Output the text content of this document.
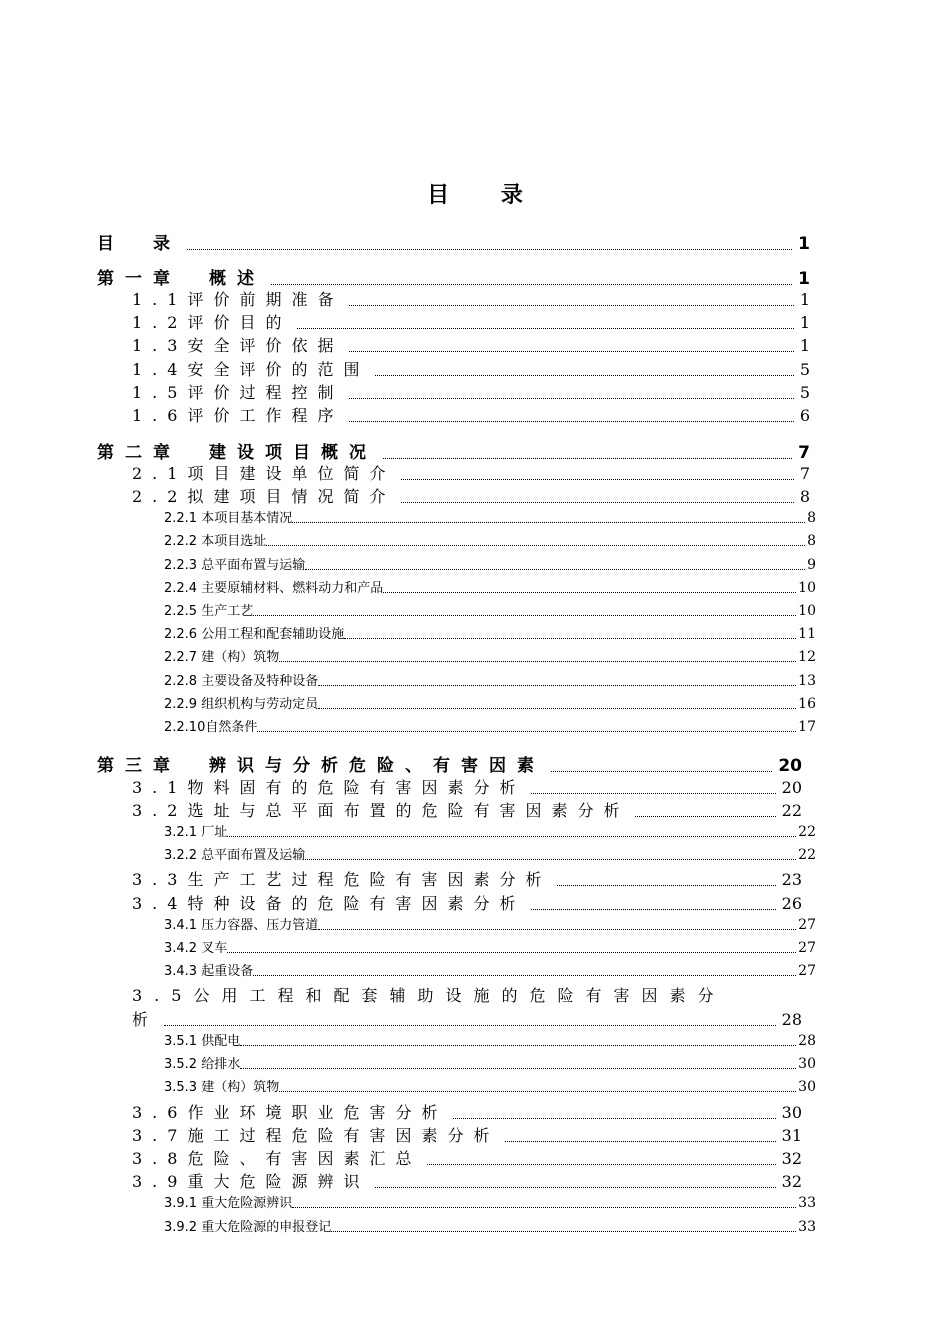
目 录
目　录	1
第一章　概述	1
1.1评价前期准备	1
1.2评价目的	1
1.3安全评价依据	1
1.4安全评价的范围	5
1.5评价过程控制	5
1.6评价工作程序	6
第二章　建设项目概况	7
2.1项目建设单位简介	7
2.2拟建项目情况简介	8
2.2.1 本项目基本情况	8
2.2.2 本项目选址	8
2.2.3 总平面布置与运输	9
2.2.4 主要原辅材料、燃料动力和产品	10
2.2.5 生产工艺	10
2.2.6 公用工程和配套辅助设施	11
2.2.7 建（构）筑物	12
2.2.8 主要设备及特种设备	13
2.2.9 组织机构与劳动定员	16
2.2.10自然条件	17
第三章　辨识与分析危险、有害因素	20
3.1物料固有的危险有害因素分析	20
3.2选址与总平面布置的危险有害因素分析	22
3.2.1 厂址	22
3.2.2 总平面布置及运输	22
3.3生产工艺过程危险有害因素分析	23
3.4特种设备的危险有害因素分析	26
3.4.1 压力容器、压力管道	27
3.4.2 叉车	27
3.4.3 起重设备	27
3.5公用工程和配套辅助设施的危险有害因素分
析	28
3.5.1 供配电	28
3.5.2 给排水	30
3.5.3 建（构）筑物	30
3.6作业环境职业危害分析	30
3.7施工过程危险有害因素分析	31
3.8危险、有害因素汇总	32
3.9重大危险源辨识	32
3.9.1 重大危险源辨识	33
3.9.2 重大危险源的申报登记	33
